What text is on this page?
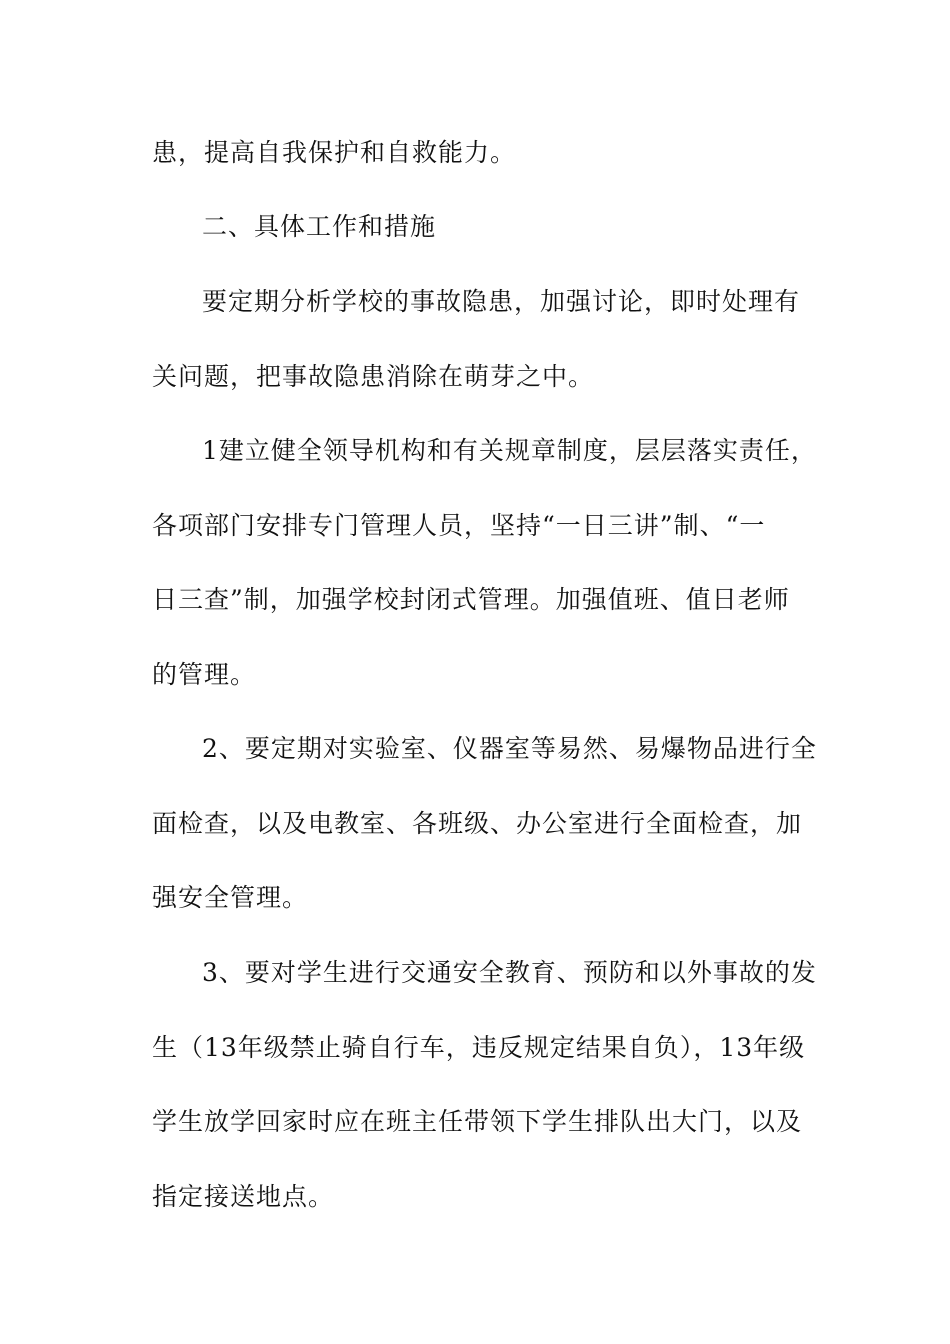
患，提高自我保护和自救能力。
二、具体工作和措施
要定期分析学校的事故隐患，加强讨论，即时处理有
关问题，把事故隐患消除在萌芽之中。
1建立健全领导机构和有关规章制度，层层落实责任，
各项部门安排专门管理人员，坚持“一日三讲”制、“一
日三查”制，加强学校封闭式管理。加强值班、值日老师
的管理。
2、要定期对实验室、仪器室等易然、易爆物品进行全
面检查，以及电教室、各班级、办公室进行全面检查，加
强安全管理。
3、要对学生进行交通安全教育、预防和以外事故的发
生（13年级禁止骑自行车，违反规定结果自负），13年级
学生放学回家时应在班主任带领下学生排队出大门，以及
指定接送地点。
